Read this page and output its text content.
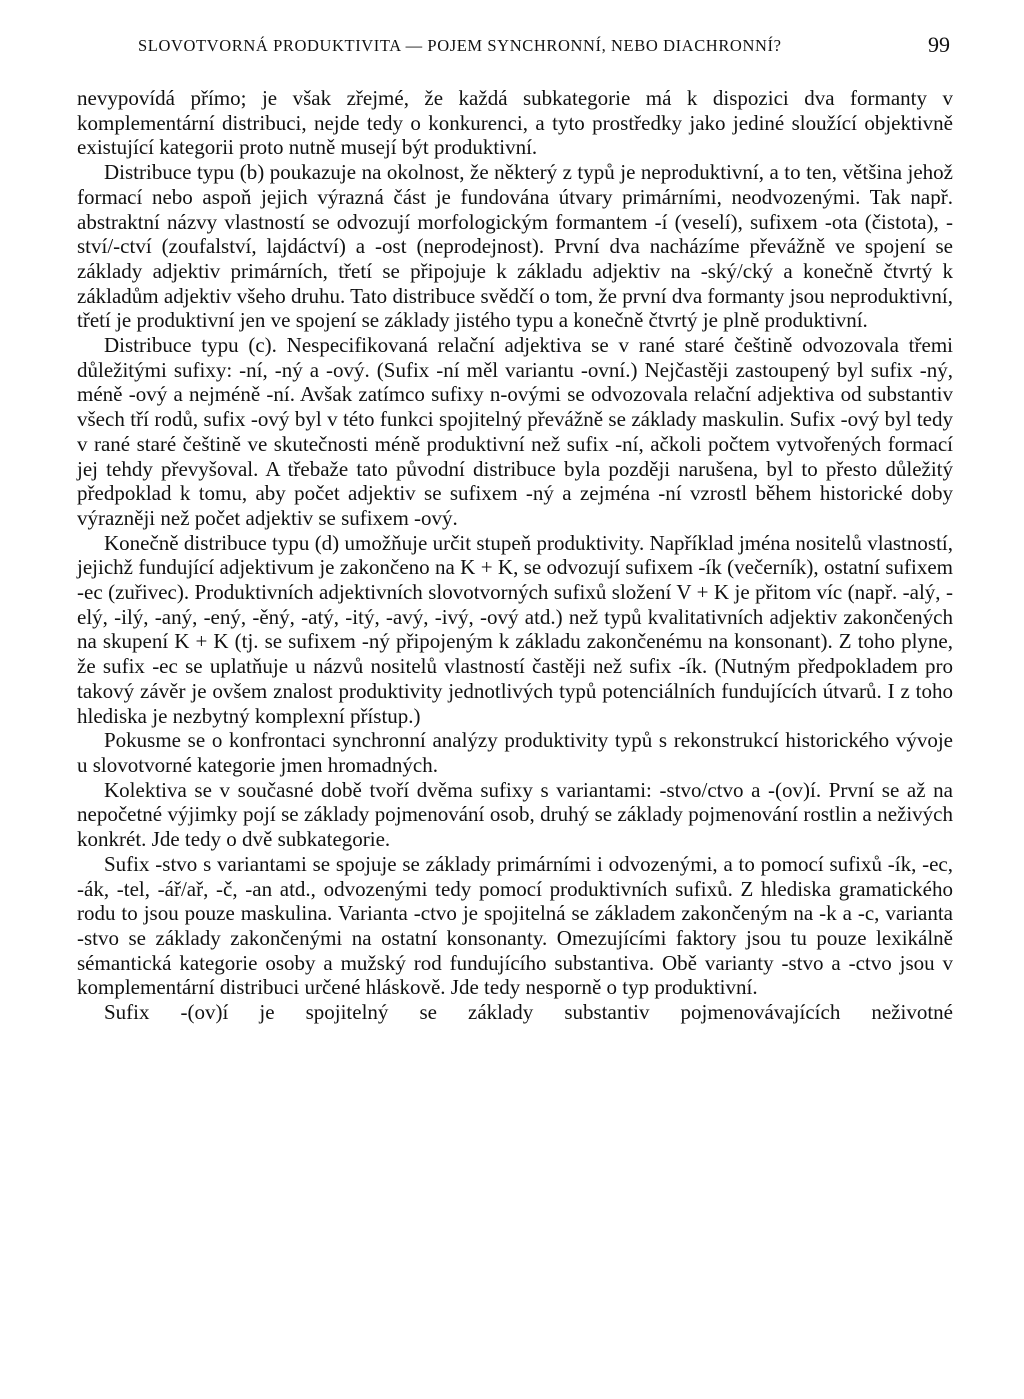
SLOVOTVORNÁ PRODUKTIVITA — POJEM SYNCHRONNÍ, NEBO DIACHRONNÍ?	99

nevypovídá přímo; je však zřejmé, že každá subkategorie má k dispozici dva formanty v komplementární distribuci, nejde tedy o konkurenci, a tyto prostředky jako jediné sloužící objektivně existující kategorii proto nutně musejí být produktivní.

Distribuce typu (b) poukazuje na okolnost, že některý z typů je neproduktivní, a to ten, většina jehož formací nebo aspoň jejich výrazná část je fundována útvary primárními, neodvozenými. Tak např. abstraktní názvy vlastností se odvozují morfologickým formantem -í (veselí), sufixem -ota (čistota), -ství/-ctví (zoufalství, lajdáctví) a -ost (neprodejnost). První dva nacházíme převážně ve spojení se základy adjektiv primárních, třetí se připojuje k základu adjektiv na -ský/cký a konečně čtvrtý k základům adjektiv všeho druhu. Tato distribuce svědčí o tom, že první dva formanty jsou neproduktivní, třetí je produktivní jen ve spojení se základy jistého typu a konečně čtvrtý je plně produktivní.

Distribuce typu (c). Nespecifikovaná relační adjektiva se v rané staré češtině odvozovala třemi důležitými sufixy: -ní, -ný a -ový. (Sufix -ní měl variantu -ovní.) Nejčastěji zastoupený byl sufix -ný, méně -ový a nejméně -ní. Avšak zatímco sufixy n-ovými se odvozovala relační adjektiva od substantiv všech tří rodů, sufix -ový byl v této funkci spojitelný převážně se základy maskulin. Sufix -ový byl tedy v rané staré češtině ve skutečnosti méně produktivní než sufix -ní, ačkoli počtem vytvořených formací jej tehdy převyšoval. A třebaže tato původní distribuce byla později narušena, byl to přesto důležitý předpoklad k tomu, aby počet adjektiv se sufixem -ný a zejména -ní vzrostl během historické doby výrazněji než počet adjektiv se sufixem -ový.

Konečně distribuce typu (d) umožňuje určit stupeň produktivity. Například jména nositelů vlastností, jejichž fundující adjektivum je zakončeno na K + K, se odvozují sufixem -ík (večerník), ostatní sufixem -ec (zuřivec). Produktivních adjektivních slovotvorných sufixů složení V + K je přitom víc (např. -alý, -elý, -ilý, -aný, -ený, -ěný, -atý, -itý, -avý, -ivý, -ový atd.) než typů kvalitativních adjektiv zakončených na skupení K + K (tj. se sufixem -ný připojeným k základu zakončenému na konsonant). Z toho plyne, že sufix -ec se uplatňuje u názvů nositelů vlastností častěji než sufix -ík. (Nutným předpokladem pro takový závěr je ovšem znalost produktivity jednotlivých typů potenciálních fundujících útvarů. I z toho hlediska je nezbytný komplexní přístup.)

Pokusme se o konfrontaci synchronní analýzy produktivity typů s rekonstrukcí historického vývoje u slovotvorné kategorie jmen hromadných.

Kolektiva se v současné době tvoří dvěma sufixy s variantami: -stvo/ctvo a -(ov)í. První se až na nepočetné výjimky pojí se základy pojmenování osob, druhý se základy pojmenování rostlin a neživých konkrét. Jde tedy o dvě subkategorie.

Sufix -stvo s variantami se spojuje se základy primárními i odvozenými, a to pomocí sufixů -ík, -ec, -ák, -tel, -ář/ař, -č, -an atd., odvozenými tedy pomocí produktivních sufixů. Z hlediska gramatického rodu to jsou pouze maskulina. Varianta -ctvo je spojitelná se základem zakončeným na -k a -c, varianta -stvo se základy zakončenými na ostatní konsonanty. Omezujícími faktory jsou tu pouze lexikálně sémantická kategorie osoby a mužský rod fundujícího substantiva. Obě varianty -stvo a -ctvo jsou v komplementární distribuci určené hláskově. Jde tedy nesporně o typ produktivní.

Sufix -(ov)í je spojitelný se základy substantiv pojmenovávajících neživotné
